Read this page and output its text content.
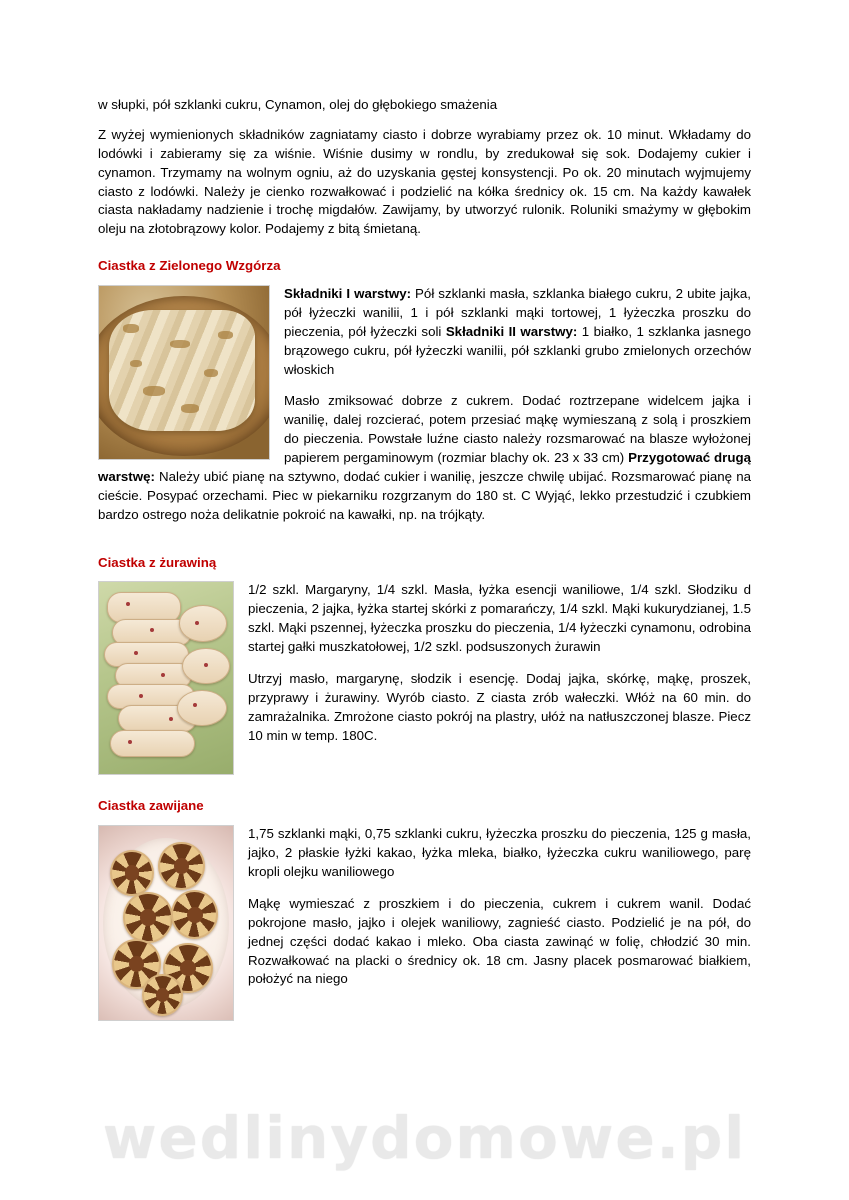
w słupki, pół szklanki cukru, Cynamon, olej do głębokiego smażenia

Z wyżej wymienionych składników zagniatamy ciasto i dobrze wyrabiamy przez ok. 10 minut. Wkładamy do lodówki i zabieramy się za wiśnie. Wiśnie dusimy w rondlu, by zredukował się sok. Dodajemy cukier i cynamon. Trzymamy na wolnym ogniu, aż do uzyskania gęstej konsystencji. Po ok. 20 minutach wyjmujemy ciasto z lodówki. Należy je cienko rozwałkować i podzielić na kółka średnicy ok. 15 cm. Na każdy kawałek ciasta nakładamy nadzienie i trochę migdałów. Zawijamy, by utworzyć rulonik. Roluniki smażymy w głębokim oleju na złotobrązowy kolor. Podajemy z bitą śmietaną.

Ciastka z Zielonego Wzgórza

Składniki I warstwy: Pół szklanki masła, szklanka białego cukru, 2 ubite jajka, pół łyżeczki wanilii, 1 i pół szklanki mąki tortowej, 1 łyżeczka proszku do pieczenia, pół łyżeczki soli Składniki II warstwy: 1 białko, 1 szklanka jasnego brązowego cukru, pół łyżeczki wanilii, pół szklanki grubo zmielonych orzechów włoskich

Masło zmiksować dobrze z cukrem. Dodać roztrzepane widelcem jajka i wanilię, dalej rozcierać, potem przesiać mąkę wymieszaną z solą i proszkiem do pieczenia. Powstałe luźne ciasto należy rozsmarować na blasze wyłożonej papierem pergaminowym (rozmiar blachy ok. 23 x 33 cm) Przygotować drugą warstwę: Należy ubić pianę na sztywno, dodać cukier i wanilię, jeszcze chwilę ubijać. Rozsmarować pianę na cieście. Posypać orzechami. Piec w piekarniku rozgrzanym do 180 st. C Wyjąć, lekko przestudzić i czubkiem bardzo ostrego noża delikatnie pokroić na kawałki, np. na trójkąty.

Ciastka z żurawiną

1/2 szkl. Margaryny, 1/4 szkl. Masła, łyżka esencji waniliowe, 1/4 szkl. Słodziku d pieczenia, 2 jajka, łyżka startej skórki z pomarańczy, 1/4 szkl. Mąki kukurydzianej, 1.5 szkl. Mąki pszennej, łyżeczka proszku do pieczenia, 1/4 łyżeczki cynamonu, odrobina startej gałki muszkatołowej, 1/2 szkl. podsuszonych żurawin

Utrzyj masło, margarynę, słodzik i esencję. Dodaj jajka, skórkę, mąkę, proszek, przyprawy i żurawiny. Wyrób ciasto. Z ciasta zrób wałeczki. Włóż na 60 min. do zamrażalnika. Zmrożone ciasto pokrój na plastry, ułóż na natłuszczonej blasze. Piecz 10 min w temp. 180C.

Ciastka zawijane

1,75 szklanki mąki, 0,75 szklanki cukru, łyżeczka proszku do pieczenia, 125 g masła, jajko, 2 płaskie łyżki kakao, łyżka mleka, białko, łyżeczka cukru waniliowego, parę kropli olejku waniliowego

Mąkę wymieszać z proszkiem i do pieczenia, cukrem i cukrem wanil. Dodać pokrojone masło, jajko i olejek waniliowy, zagnieść ciasto. Podzielić je na pół, do jednej części dodać kakao i mleko. Oba ciasta zawinąć w folię, chłodzić 30 min. Rozwałkować na placki o średnicy ok. 18 cm. Jasny placek posmarować białkiem, położyć na niego

wedlinydomowe.pl
